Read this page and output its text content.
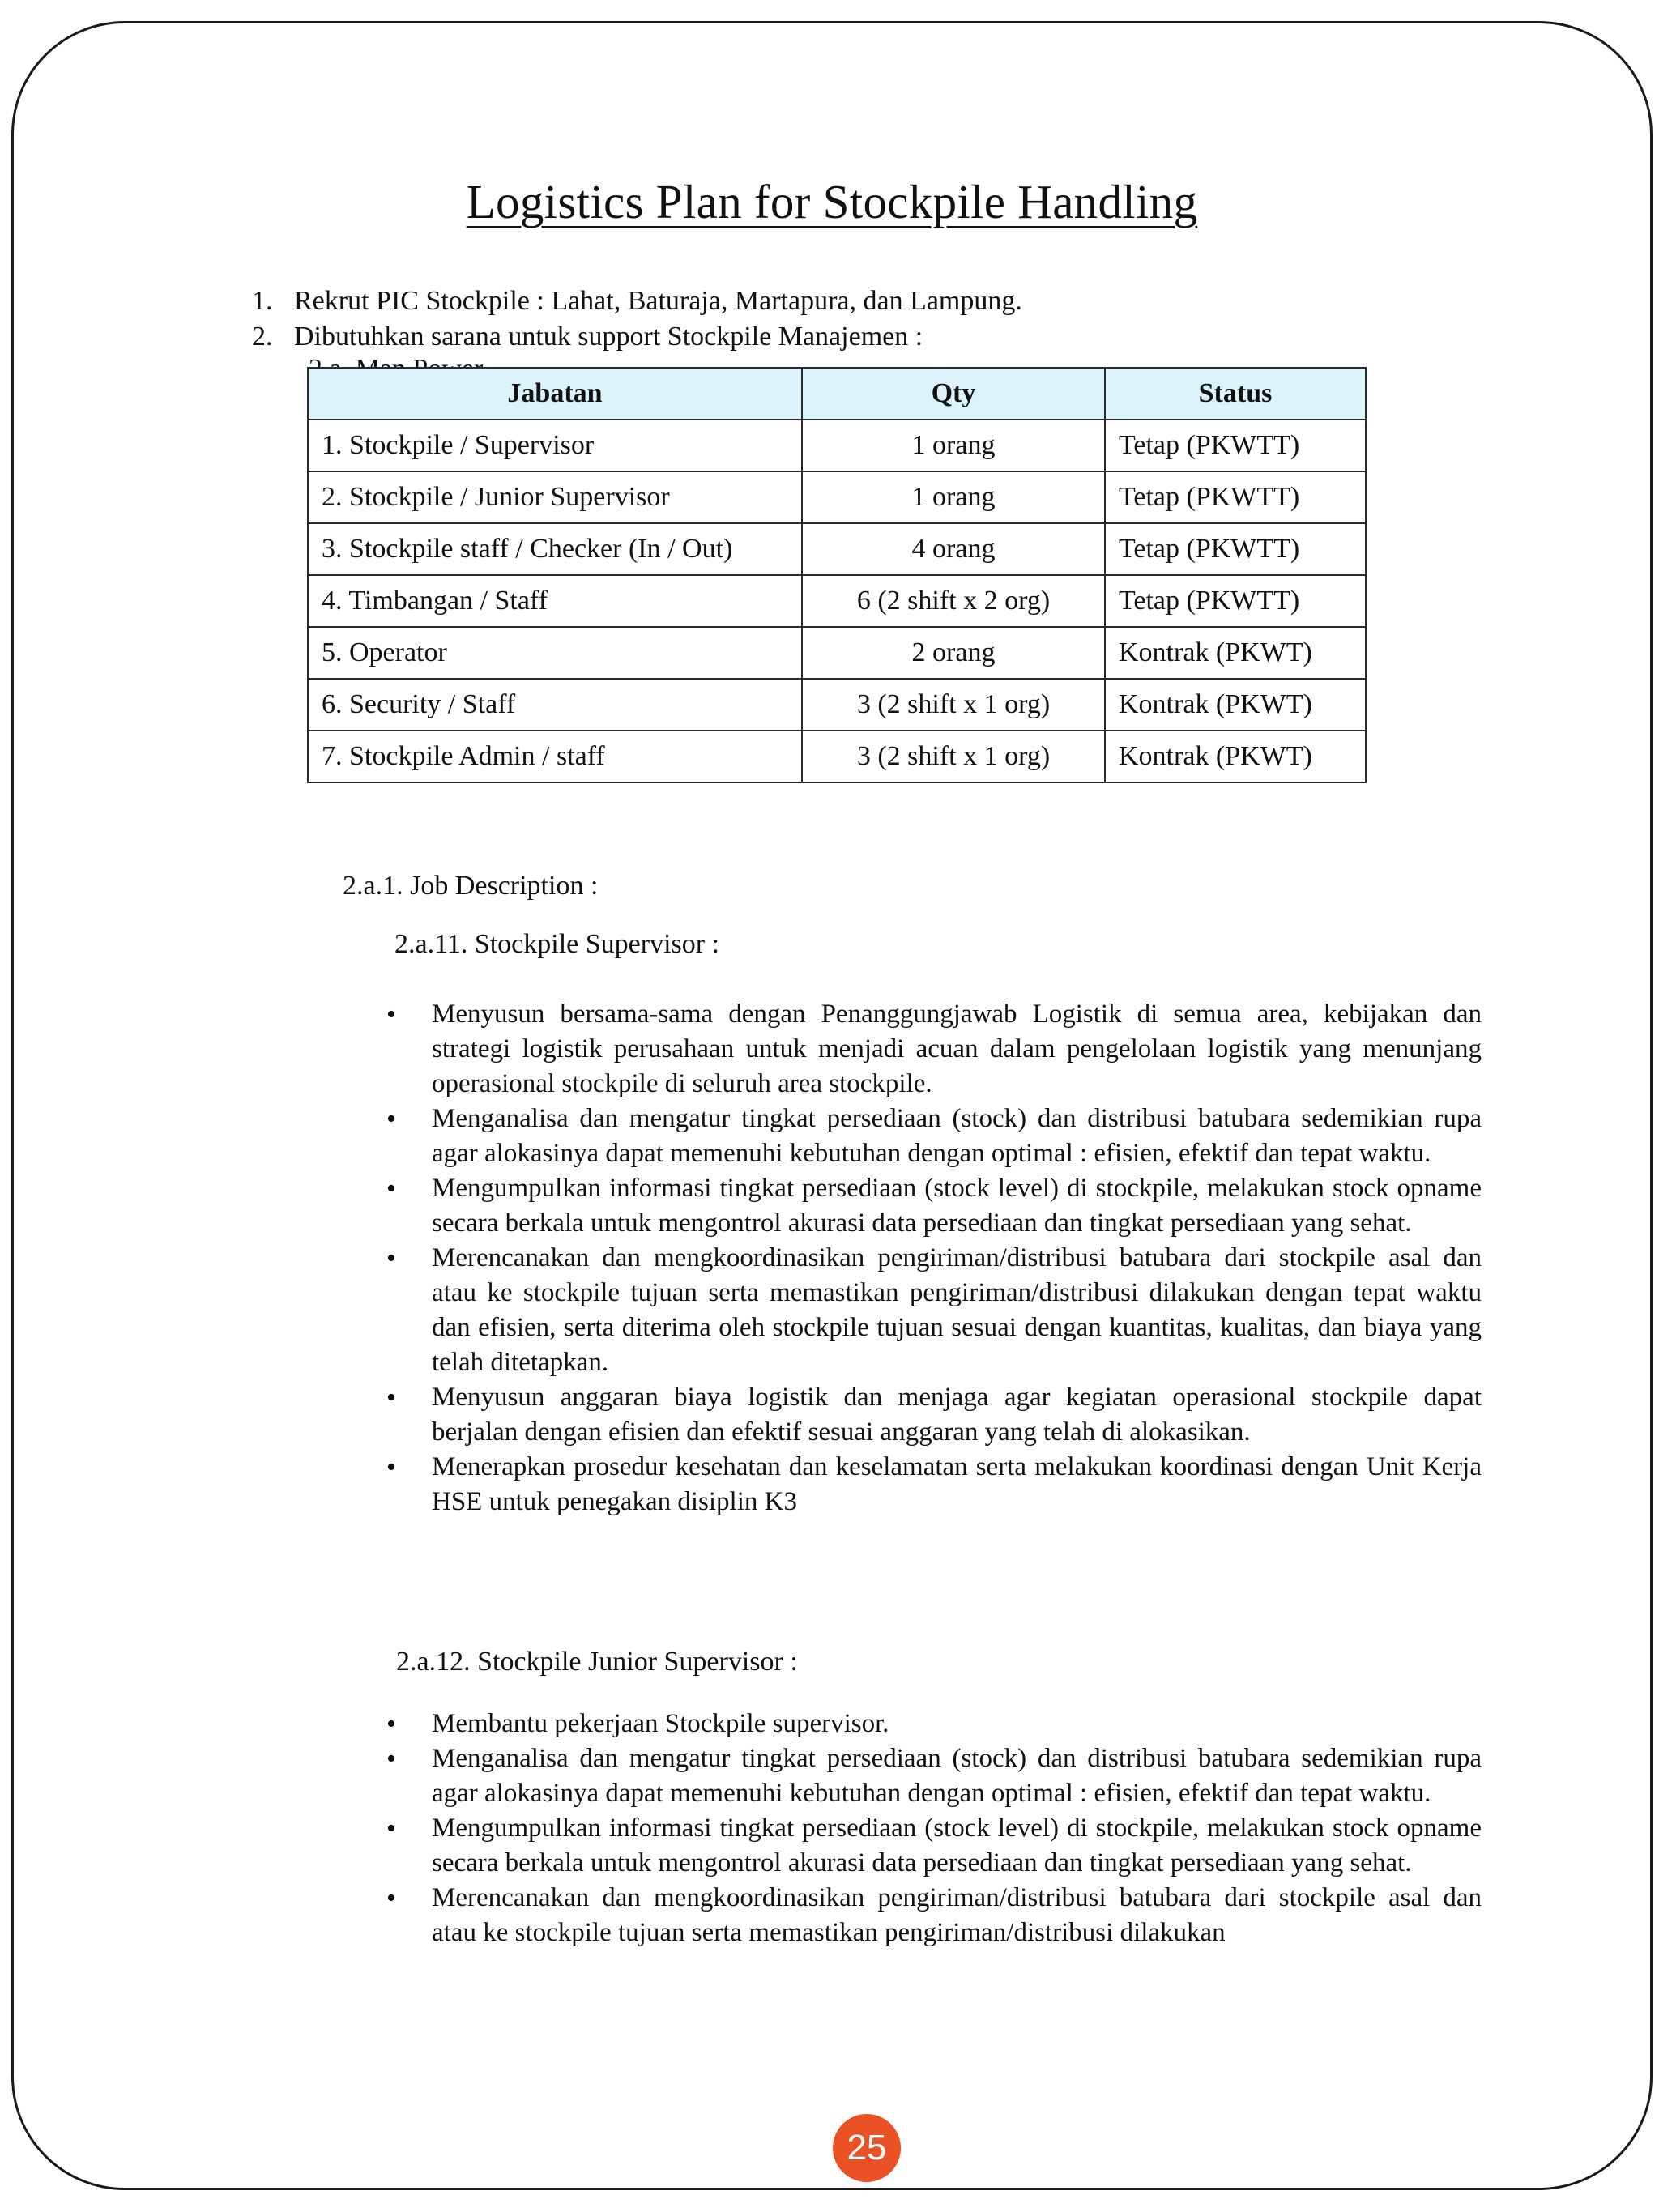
Logistics Plan for Stockpile Handling
1. Rekrut PIC Stockpile : Lahat, Baturaja, Martapura, dan Lampung.
2. Dibutuhkan sarana untuk support Stockpile Manajemen :
Jabatan	Qty	Status
1. Stockpile / Supervisor	1 orang	Tetap (PKWTT)
2. Stockpile / Junior Supervisor	1 orang	Tetap (PKWTT)
3. Stockpile staff / Checker (In / Out)	4 orang	Tetap (PKWTT)
4. Timbangan / Staff	6 (2 shift x 2 org)	Tetap (PKWTT)
5. Operator	2 orang	Kontrak (PKWT)
6. Security / Staff	3 (2 shift x 1 org)	Kontrak (PKWT)
7. Stockpile Admin / staff	3 (2 shift x 1 org)	Kontrak (PKWT)
2.a.1. Job Description :
2.a.11. Stockpile Supervisor :
•	Menyusun bersama-sama dengan Penanggungjawab Logistik di semua area, kebijakan dan strategi logistik perusahaan untuk menjadi acuan dalam pengelolaan logistik yang menunjang operasional stockpile di seluruh area stockpile.
•	Menganalisa dan mengatur tingkat persediaan (stock) dan distribusi batubara sedemikian rupa agar alokasinya dapat memenuhi kebutuhan dengan optimal : efisien, efektif dan tepat waktu.
•	Mengumpulkan informasi tingkat persediaan (stock level) di stockpile, melakukan stock opname secara berkala untuk mengontrol akurasi data persediaan dan tingkat persediaan yang sehat.
•	Merencanakan dan mengkoordinasikan pengiriman/distribusi batubara dari stockpile asal dan atau ke stockpile tujuan serta memastikan pengiriman/distribusi dilakukan dengan tepat waktu dan efisien, serta diterima oleh stockpile tujuan sesuai dengan kuantitas, kualitas, dan biaya yang telah ditetapkan.
•	Menyusun anggaran biaya logistik dan menjaga agar kegiatan operasional stockpile dapat berjalan dengan efisien dan efektif sesuai anggaran yang telah di alokasikan.
•	Menerapkan prosedur kesehatan dan keselamatan serta melakukan koordinasi dengan Unit Kerja HSE untuk penegakan disiplin K3
2.a.12. Stockpile Junior Supervisor :
•	Membantu pekerjaan Stockpile supervisor.
•	Menganalisa dan mengatur tingkat persediaan (stock) dan distribusi batubara sedemikian rupa agar alokasinya dapat memenuhi kebutuhan dengan optimal : efisien, efektif dan tepat waktu.
•	Mengumpulkan informasi tingkat persediaan (stock level) di stockpile, melakukan stock opname secara berkala untuk mengontrol akurasi data persediaan dan tingkat persediaan yang sehat.
•	Merencanakan dan mengkoordinasikan pengiriman/distribusi batubara dari stockpile asal dan atau ke stockpile tujuan serta memastikan pengiriman/distribusi dilakukan
25
